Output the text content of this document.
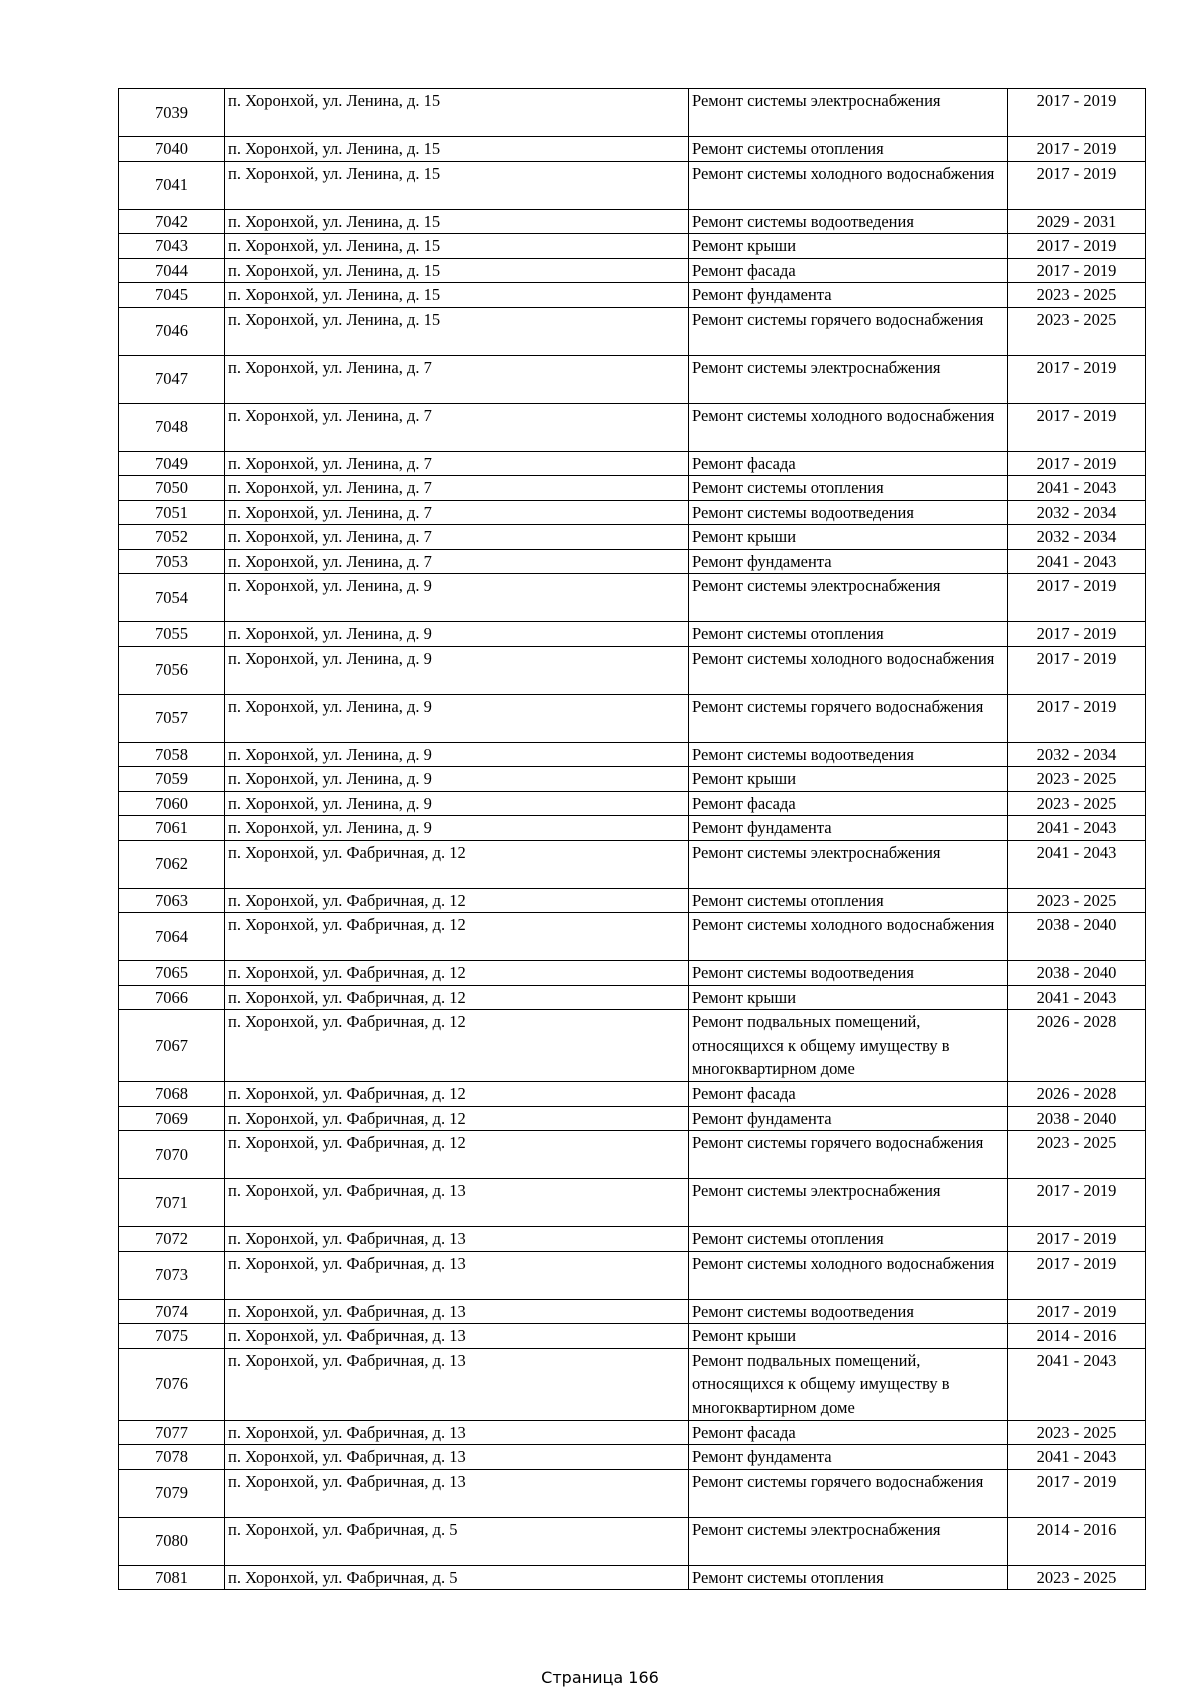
7039	п. Хоронхой, ул. Ленина, д. 15	Ремонт системы электроснабжения	2017 - 2019
7040	п. Хоронхой, ул. Ленина, д. 15	Ремонт системы отопления	2017 - 2019
7041	п. Хоронхой, ул. Ленина, д. 15	Ремонт системы холодного водоснабжения	2017 - 2019
7042	п. Хоронхой, ул. Ленина, д. 15	Ремонт системы водоотведения	2029 - 2031
7043	п. Хоронхой, ул. Ленина, д. 15	Ремонт крыши	2017 - 2019
7044	п. Хоронхой, ул. Ленина, д. 15	Ремонт фасада	2017 - 2019
7045	п. Хоронхой, ул. Ленина, д. 15	Ремонт фундамента	2023 - 2025
7046	п. Хоронхой, ул. Ленина, д. 15	Ремонт системы горячего водоснабжения	2023 - 2025
7047	п. Хоронхой, ул. Ленина, д. 7	Ремонт системы электроснабжения	2017 - 2019
7048	п. Хоронхой, ул. Ленина, д. 7	Ремонт системы холодного водоснабжения	2017 - 2019
7049	п. Хоронхой, ул. Ленина, д. 7	Ремонт фасада	2017 - 2019
7050	п. Хоронхой, ул. Ленина, д. 7	Ремонт системы отопления	2041 - 2043
7051	п. Хоронхой, ул. Ленина, д. 7	Ремонт системы водоотведения	2032 - 2034
7052	п. Хоронхой, ул. Ленина, д. 7	Ремонт крыши	2032 - 2034
7053	п. Хоронхой, ул. Ленина, д. 7	Ремонт фундамента	2041 - 2043
7054	п. Хоронхой, ул. Ленина, д. 9	Ремонт системы электроснабжения	2017 - 2019
7055	п. Хоронхой, ул. Ленина, д. 9	Ремонт системы отопления	2017 - 2019
7056	п. Хоронхой, ул. Ленина, д. 9	Ремонт системы холодного водоснабжения	2017 - 2019
7057	п. Хоронхой, ул. Ленина, д. 9	Ремонт системы горячего водоснабжения	2017 - 2019
7058	п. Хоронхой, ул. Ленина, д. 9	Ремонт системы водоотведения	2032 - 2034
7059	п. Хоронхой, ул. Ленина, д. 9	Ремонт крыши	2023 - 2025
7060	п. Хоронхой, ул. Ленина, д. 9	Ремонт фасада	2023 - 2025
7061	п. Хоронхой, ул. Ленина, д. 9	Ремонт фундамента	2041 - 2043
7062	п. Хоронхой, ул. Фабричная, д. 12	Ремонт системы электроснабжения	2041 - 2043
7063	п. Хоронхой, ул. Фабричная, д. 12	Ремонт системы отопления	2023 - 2025
7064	п. Хоронхой, ул. Фабричная, д. 12	Ремонт системы холодного водоснабжения	2038 - 2040
7065	п. Хоронхой, ул. Фабричная, д. 12	Ремонт системы водоотведения	2038 - 2040
7066	п. Хоронхой, ул. Фабричная, д. 12	Ремонт крыши	2041 - 2043
7067	п. Хоронхой, ул. Фабричная, д. 12	Ремонт подвальных помещений, относящихся к общему имуществу в многоквартирном доме	2026 - 2028
7068	п. Хоронхой, ул. Фабричная, д. 12	Ремонт фасада	2026 - 2028
7069	п. Хоронхой, ул. Фабричная, д. 12	Ремонт фундамента	2038 - 2040
7070	п. Хоронхой, ул. Фабричная, д. 12	Ремонт системы горячего водоснабжения	2023 - 2025
7071	п. Хоронхой, ул. Фабричная, д. 13	Ремонт системы электроснабжения	2017 - 2019
7072	п. Хоронхой, ул. Фабричная, д. 13	Ремонт системы отопления	2017 - 2019
7073	п. Хоронхой, ул. Фабричная, д. 13	Ремонт системы холодного водоснабжения	2017 - 2019
7074	п. Хоронхой, ул. Фабричная, д. 13	Ремонт системы водоотведения	2017 - 2019
7075	п. Хоронхой, ул. Фабричная, д. 13	Ремонт крыши	2014 - 2016
7076	п. Хоронхой, ул. Фабричная, д. 13	Ремонт подвальных помещений, относящихся к общему имуществу в многоквартирном доме	2041 - 2043
7077	п. Хоронхой, ул. Фабричная, д. 13	Ремонт фасада	2023 - 2025
7078	п. Хоронхой, ул. Фабричная, д. 13	Ремонт фундамента	2041 - 2043
7079	п. Хоронхой, ул. Фабричная, д. 13	Ремонт системы горячего водоснабжения	2017 - 2019
7080	п. Хоронхой, ул. Фабричная, д. 5	Ремонт системы электроснабжения	2014 - 2016
7081	п. Хоронхой, ул. Фабричная, д. 5	Ремонт системы отопления	2023 - 2025
Страница 166
